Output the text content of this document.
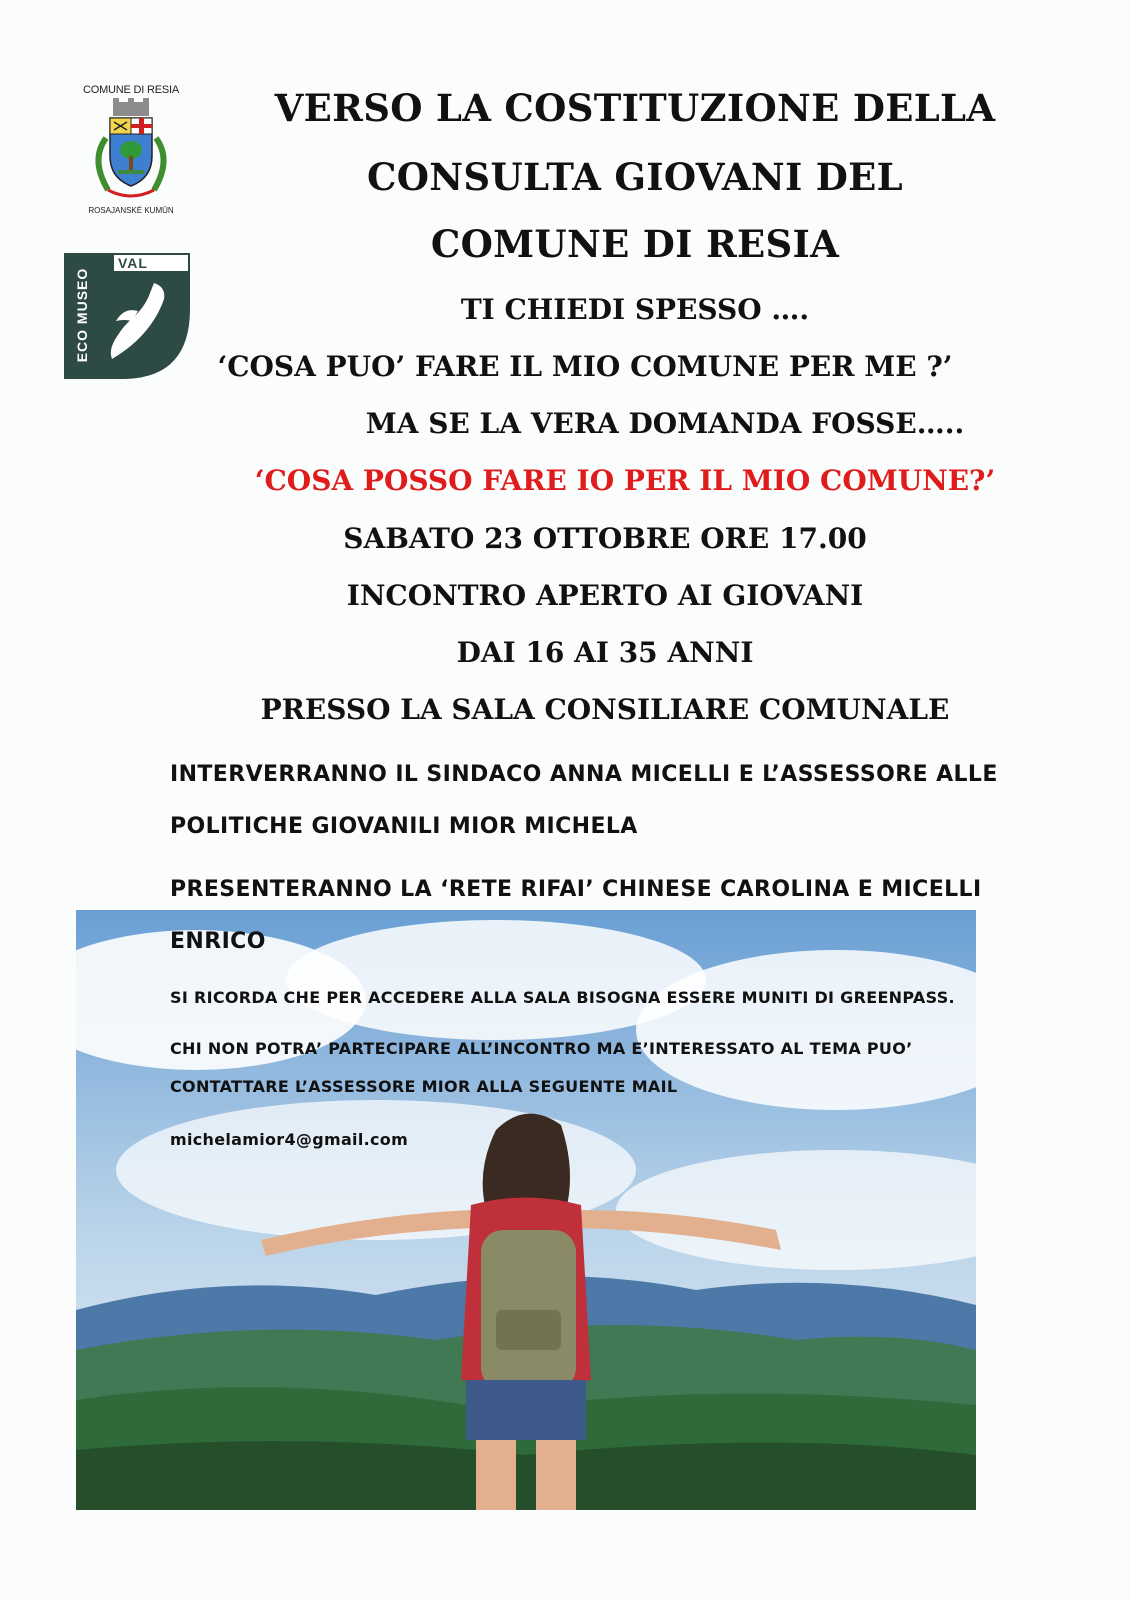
COMUNE DI RESIA
ROSAJANSKÉ KUMÜN
VAL RESIA
ECO MUSEO
VERSO LA COSTITUZIONE DELLA
CONSULTA GIOVANI DEL
COMUNE DI RESIA
TI CHIEDI SPESSO ….
‘COSA PUO’ FARE IL MIO COMUNE PER ME ?’
MA SE LA VERA DOMANDA FOSSE…..
‘COSA POSSO FARE IO PER IL MIO COMUNE?’
SABATO 23 OTTOBRE ORE 17.00
INCONTRO APERTO AI GIOVANI
DAI 16 AI 35 ANNI
PRESSO LA SALA CONSILIARE COMUNALE
INTERVERRANNO IL SINDACO ANNA MICELLI E L’ASSESSORE ALLE
POLITICHE GIOVANILI MIOR MICHELA
PRESENTERANNO LA ‘RETE RIFAI’ CHINESE CAROLINA E MICELLI
ENRICO
SI RICORDA CHE PER ACCEDERE ALLA SALA BISOGNA ESSERE MUNITI DI GREENPASS.
CHI NON POTRA’ PARTECIPARE ALL’INCONTRO MA E’INTERESSATO AL TEMA PUO’
CONTATTARE L’ASSESSORE MIOR ALLA SEGUENTE MAIL
michelamior4@gmail.com
